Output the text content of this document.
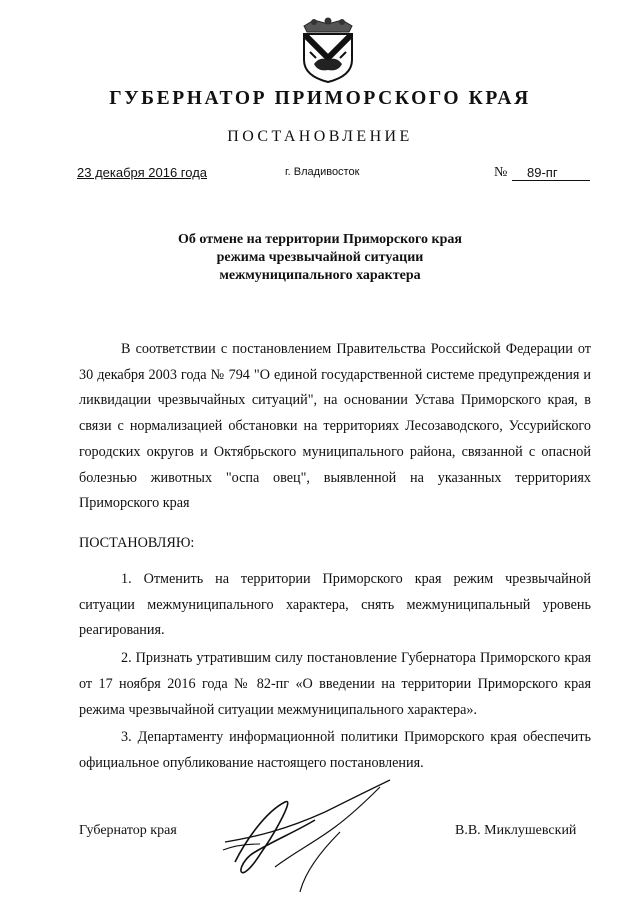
ГУБЕРНАТОР ПРИМОРСКОГО КРАЯ
ПОСТАНОВЛЕНИЕ
23 декабря 2016 года	г. Владивосток	№	89-пг
Об отмене на территории Приморского края
режима чрезвычайной ситуации
межмуниципального характера

В соответствии с постановлением Правительства Российской Федерации от 30 декабря 2003 года № 794 "О единой государственной системе предупреждения и ликвидации чрезвычайных ситуаций", на основании Устава Приморского края, в связи с нормализацией обстановки на территориях Лесозаводского, Уссурийского городских округов и Октябрьского муниципального района, связанной с опасной болезнью животных "оспа овец", выявленной на указанных территориях Приморского края

ПОСТАНОВЛЯЮ:

1. Отменить на территории Приморского края режим чрезвычайной ситуации межмуниципального характера, снять межмуниципальный уровень реагирования.

2. Признать утратившим силу постановление Губернатора Приморского края от 17 ноября 2016 года № 82-пг «О введении на территории Приморского края режима чрезвычайной ситуации межмуниципального характера».

3. Департаменту информационной политики Приморского края обеспечить официальное опубликование настоящего постановления.

Губернатор края	В.В. Миклушевский
